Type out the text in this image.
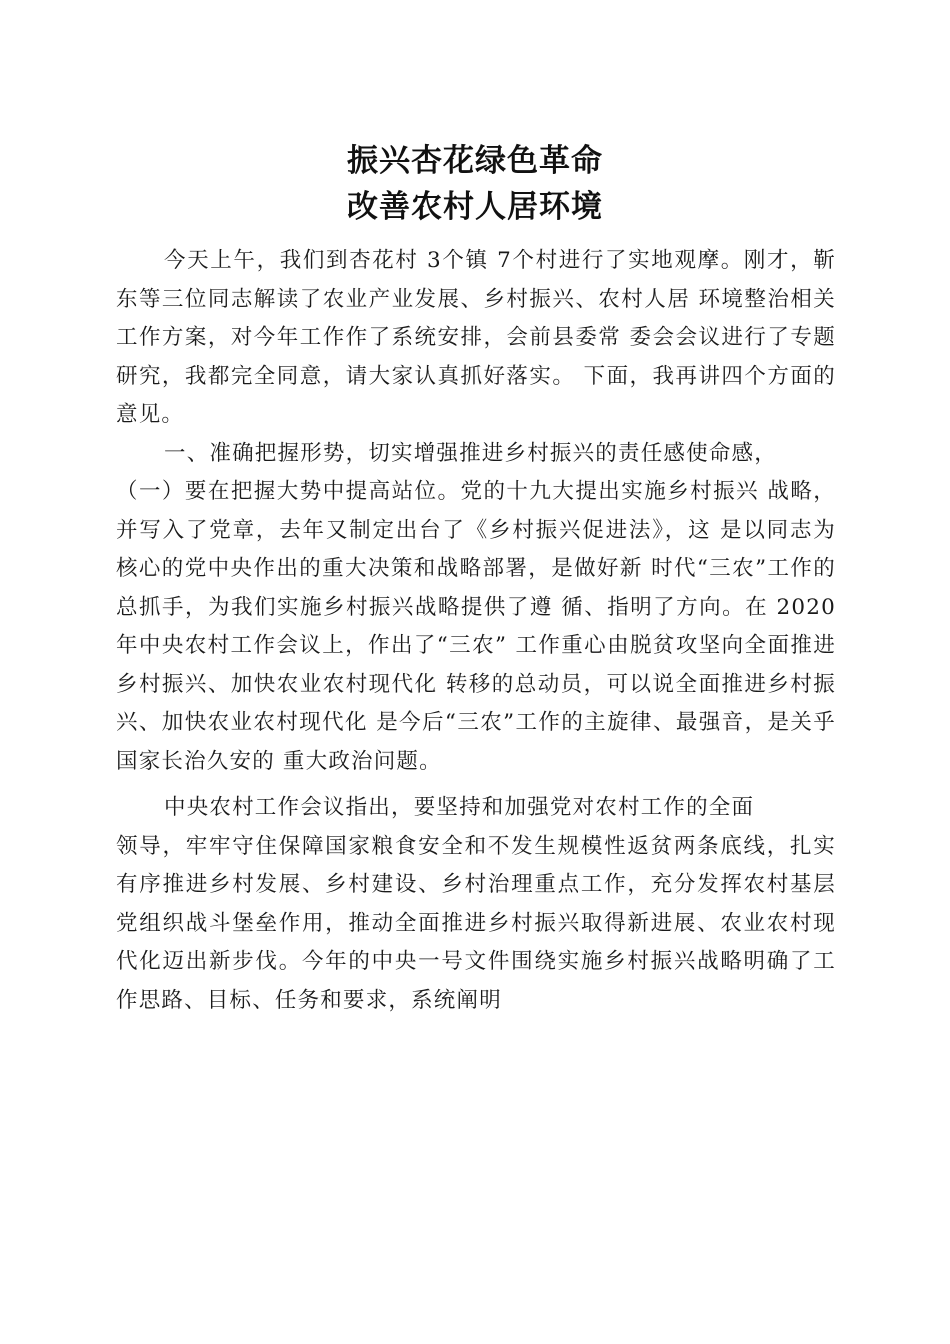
振兴杏花绿色革命
改善农村人居环境

今天上午，我们到杏花村 3个镇 7个村进行了实地观摩。刚才，靳东等三位同志解读了农业产业发展、乡村振兴、农村人居 环境整治相关工作方案，对今年工作作了系统安排，会前县委常 委会会议进行了专题研究，我都完全同意，请大家认真抓好落实。 下面，我再讲四个方面的意见。

一、准确把握形势，切实增强推进乡村振兴的责任感使命感，

（一）要在把握大势中提高站位。党的十九大提出实施乡村振兴 战略，并写入了党章，去年又制定出台了《乡村振兴促进法》，这 是以同志为核心的党中央作出的重大决策和战略部署，是做好新 时代“三农”工作的总抓手，为我们实施乡村振兴战略提供了遵 循、指明了方向。在 2020 年中央农村工作会议上，作出了“三农” 工作重心由脱贫攻坚向全面推进乡村振兴、加快农业农村现代化 转移的总动员，可以说全面推进乡村振兴、加快农业农村现代化 是今后“三农”工作的主旋律、最强音，是关乎国家长治久安的 重大政治问题。

中央农村工作会议指出，要坚持和加强党对农村工作的全面

领导，牢牢守住保障国家粮食安全和不发生规模性返贫两条底线，扎实有序推进乡村发展、乡村建设、乡村治理重点工作，充分发挥农村基层党组织战斗堡垒作用，推动全面推进乡村振兴取得新进展、农业农村现代化迈出新步伐。今年的中央一号文件围绕实施乡村振兴战略明确了工作思路、目标、任务和要求，系统阐明
